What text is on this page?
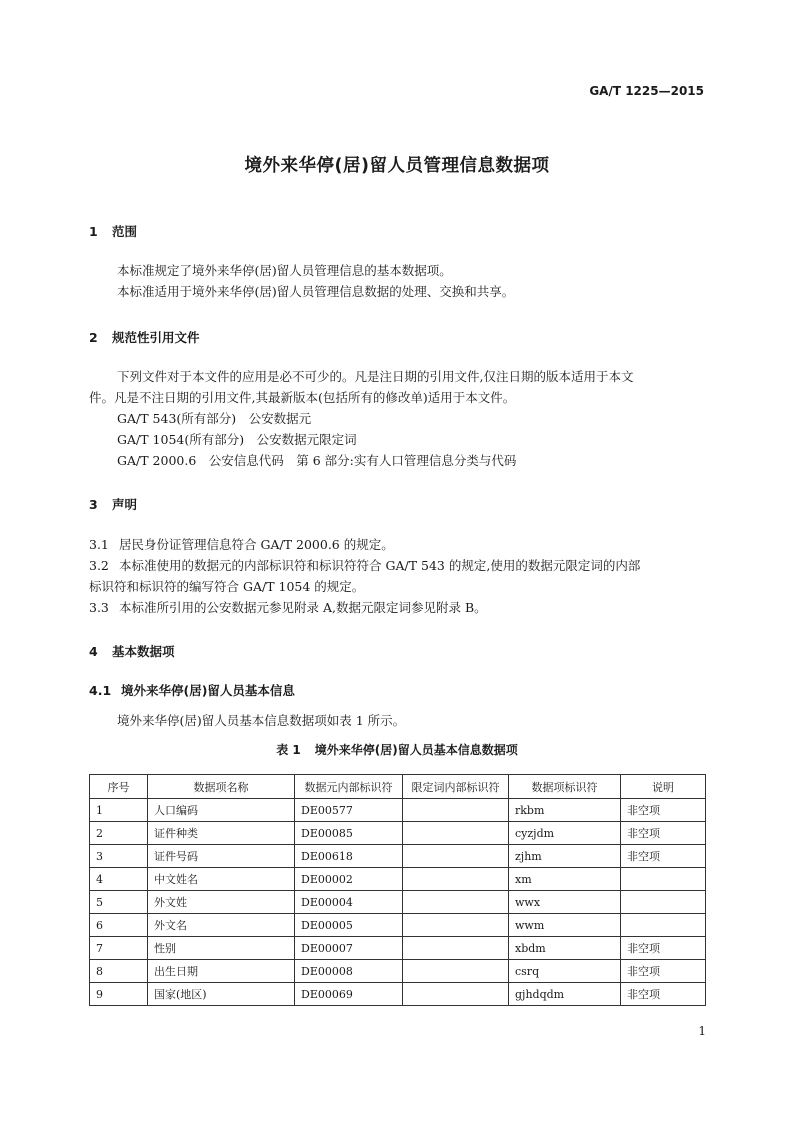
GA/T 1225—2015
境外来华停(居)留人员管理信息数据项
1 范围
本标准规定了境外来华停(居)留人员管理信息的基本数据项。
本标准适用于境外来华停(居)留人员管理信息数据的处理、交换和共享。
2 规范性引用文件
下列文件对于本文件的应用是必不可少的。凡是注日期的引用文件,仅注日期的版本适用于本文
件。凡是不注日期的引用文件,其最新版本(包括所有的修改单)适用于本文件。
GA/T 543(所有部分)　公安数据元
GA/T 1054(所有部分)　公安数据元限定词
GA/T 2000.6　公安信息代码　第 6 部分:实有人口管理信息分类与代码
3 声明
3.1 居民身份证管理信息符合 GA/T 2000.6 的规定。
3.2 本标准使用的数据元的内部标识符和标识符符合 GA/T 543 的规定,使用的数据元限定词的内部
标识符和标识符的编写符合 GA/T 1054 的规定。
3.3 本标准所引用的公安数据元参见附录 A,数据元限定词参见附录 B。
4 基本数据项
4.1 境外来华停(居)留人员基本信息
境外来华停(居)留人员基本信息数据项如表 1 所示。
表 1 境外来华停(居)留人员基本信息数据项
序号	数据项名称	数据元内部标识符	限定词内部标识符	数据项标识符	说明
1	人口编码	DE00577		rkbm	非空项
2	证件种类	DE00085		cyzjdm	非空项
3	证件号码	DE00618		zjhm	非空项
4	中文姓名	DE00002		xm	
5	外文姓	DE00004		wwx	
6	外文名	DE00005		wwm	
7	性别	DE00007		xbdm	非空项
8	出生日期	DE00008		csrq	非空项
9	国家(地区)	DE00069		gjhdqdm	非空项
1
